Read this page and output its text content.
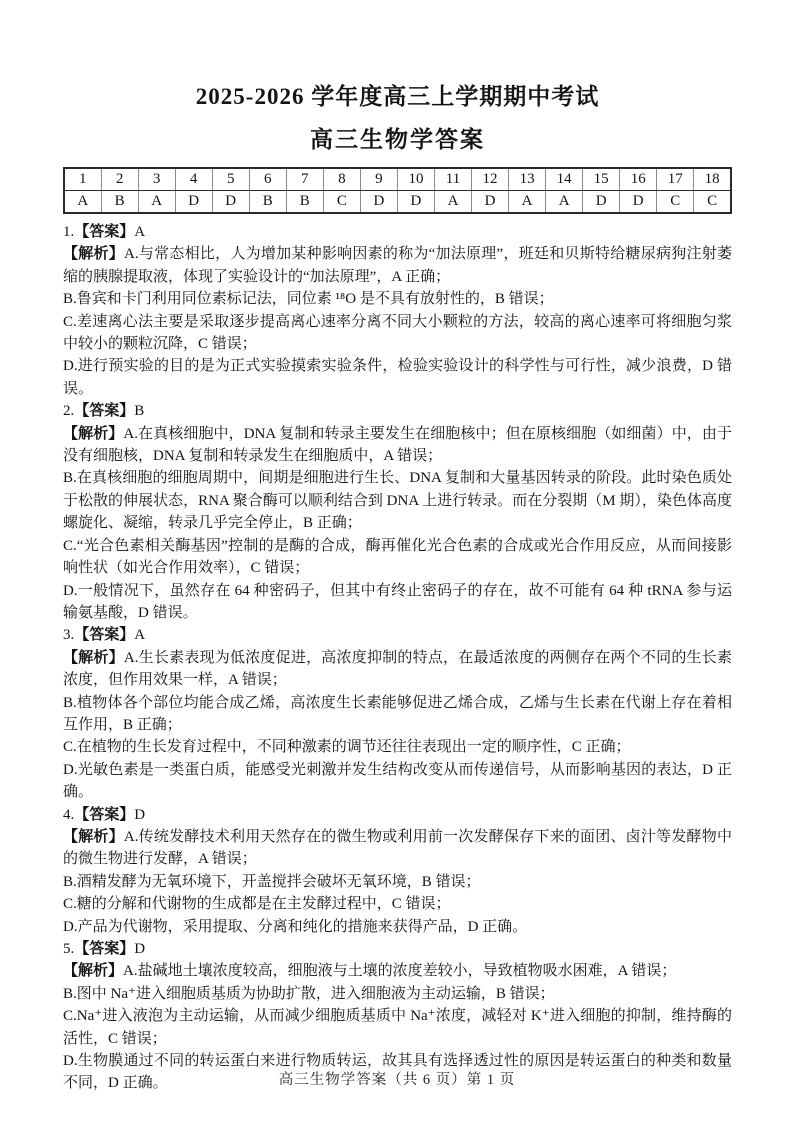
2025-2026 学年度高三上学期期中考试
高三生物学答案
1	2	3	4	5	6	7	8	9	10	11	12	13	14	15	16	17	18
A	B	A	D	D	B	B	C	D	D	A	D	A	A	D	D	C	C

1.【答案】A

【解析】A.与常态相比，人为增加某种影响因素的称为“加法原理”，班廷和贝斯特给糖尿病狗注射萎缩的胰腺提取液，体现了实验设计的“加法原理”，A 正确；

B.鲁宾和卡门利用同位素标记法，同位素 ¹⁸O 是不具有放射性的，B 错误；

C.差速离心法主要是采取逐步提高离心速率分离不同大小颗粒的方法，较高的离心速率可将细胞匀浆中较小的颗粒沉降，C 错误；

D.进行预实验的目的是为正式实验摸索实验条件，检验实验设计的科学性与可行性，减少浪费，D 错误。

2.【答案】B

【解析】A.在真核细胞中，DNA 复制和转录主要发生在细胞核中；但在原核细胞（如细菌）中，由于没有细胞核，DNA 复制和转录发生在细胞质中，A 错误；

B.在真核细胞的细胞周期中，间期是细胞进行生长、DNA 复制和大量基因转录的阶段。此时染色质处于松散的伸展状态，RNA 聚合酶可以顺利结合到 DNA 上进行转录。而在分裂期（M 期），染色体高度螺旋化、凝缩，转录几乎完全停止，B 正确；

C.“光合色素相关酶基因”控制的是酶的合成，酶再催化光合色素的合成或光合作用反应，从而间接影响性状（如光合作用效率），C 错误；

D.一般情况下，虽然存在 64 种密码子，但其中有终止密码子的存在，故不可能有 64 种 tRNA 参与运输氨基酸，D 错误。

3.【答案】A

【解析】A.生长素表现为低浓度促进，高浓度抑制的特点，在最适浓度的两侧存在两个不同的生长素浓度，但作用效果一样，A 错误；

B.植物体各个部位均能合成乙烯，高浓度生长素能够促进乙烯合成，乙烯与生长素在代谢上存在着相互作用，B 正确；

C.在植物的生长发育过程中，不同种激素的调节还往往表现出一定的顺序性，C 正确；

D.光敏色素是一类蛋白质，能感受光刺激并发生结构改变从而传递信号，从而影响基因的表达，D 正确。

4.【答案】D

【解析】A.传统发酵技术利用天然存在的微生物或利用前一次发酵保存下来的面团、卤汁等发酵物中的微生物进行发酵，A 错误；

B.酒精发酵为无氧环境下，开盖搅拌会破坏无氧环境，B 错误；

C.糖的分解和代谢物的生成都是在主发酵过程中，C 错误；

D.产品为代谢物，采用提取、分离和纯化的措施来获得产品，D 正确。

5.【答案】D

【解析】A.盐碱地土壤浓度较高，细胞液与土壤的浓度差较小，导致植物吸水困难，A 错误；

B.图中 Na⁺进入细胞质基质为协助扩散，进入细胞液为主动运输，B 错误；

C.Na⁺进入液泡为主动运输，从而减少细胞质基质中 Na⁺浓度，减轻对 K⁺进入细胞的抑制，维持酶的活性，C 错误；

D.生物膜通过不同的转运蛋白来进行物质转运，故其具有选择透过性的原因是转运蛋白的种类和数量不同，D 正确。	高三生物学答案（共 6 页）第 1 页
